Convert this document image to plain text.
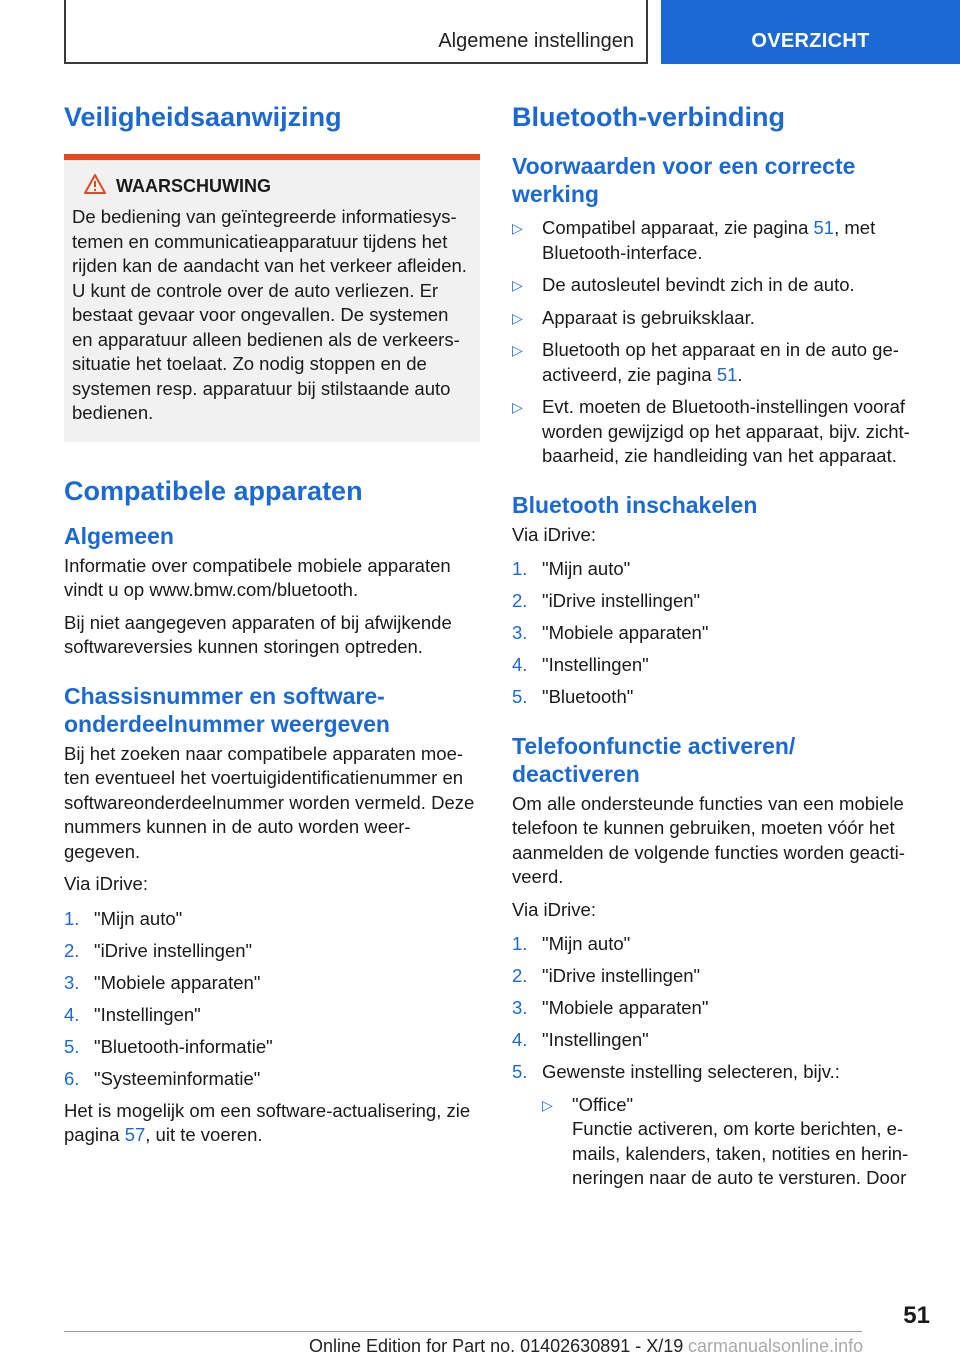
Algemene instellingen	OVERZICHT
Veiligheidsaanwijzing
WAARSCHUWING

De bediening van geïntegreerde informatiesystemen en communicatieapparatuur tijdens het rijden kan de aandacht van het verkeer afleiden. U kunt de controle over de auto verliezen. Er bestaat gevaar voor ongevallen. De systemen en apparatuur alleen bedienen als de verkeerssituatie het toelaat. Zo nodig stoppen en de systemen resp. apparatuur bij stilstaande auto bedienen.

Compatibele apparaten
Algemeen

Informatie over compatibele mobiele apparaten vindt u op www.bmw.com/bluetooth.

Bij niet aangegeven apparaten of bij afwijkende softwareversies kunnen storingen optreden.

Chassisnummer en software‐
onderdeelnummer weergeven

Bij het zoeken naar compatibele apparaten moeten eventueel het voertuigidentificatienummer en softwareonderdeelnummer worden vermeld. Deze nummers kunnen in de auto worden weergegeven.

Via iDrive:

1. "Mijn auto"
2. "iDrive instellingen"
3. "Mobiele apparaten"
4. "Instellingen"
5. "Bluetooth-informatie"
6. "Systeeminformatie"

Het is mogelijk om een software-actualisering, zie pagina 57, uit te voeren.

Bluetooth-verbinding
Voorwaarden voor een correcte
werking
▷ Compatibel apparaat, zie pagina 51, met Bluetooth-interface.
▷ De autosleutel bevindt zich in de auto.
▷ Apparaat is gebruiksklaar.
▷ Bluetooth op het apparaat en in de auto geactiveerd, zie pagina 51.
▷ Evt. moeten de Bluetooth-instellingen vooraf worden gewijzigd op het apparaat, bijv. zichtbaarheid, zie handleiding van het apparaat.
Bluetooth inschakelen

Via iDrive:

1. "Mijn auto"
2. "iDrive instellingen"
3. "Mobiele apparaten"
4. "Instellingen"
5. "Bluetooth"
Telefoonfunctie activeren/
deactiveren

Om alle ondersteunde functies van een mobiele telefoon te kunnen gebruiken, moeten vóór het aanmelden de volgende functies worden geactiveerd.

Via iDrive:

1. "Mijn auto"
2. "iDrive instellingen"
3. "Mobiele apparaten"
4. "Instellingen"
5. Gewenste instelling selecteren, bijv.:
▷ "Office"
Functie activeren, om korte berichten, e-mails, kalenders, taken, notities en herinneringen naar de auto te versturen. Door
51
Online Edition for Part no. 01402630891 - X/19 carmanualsonline.info
